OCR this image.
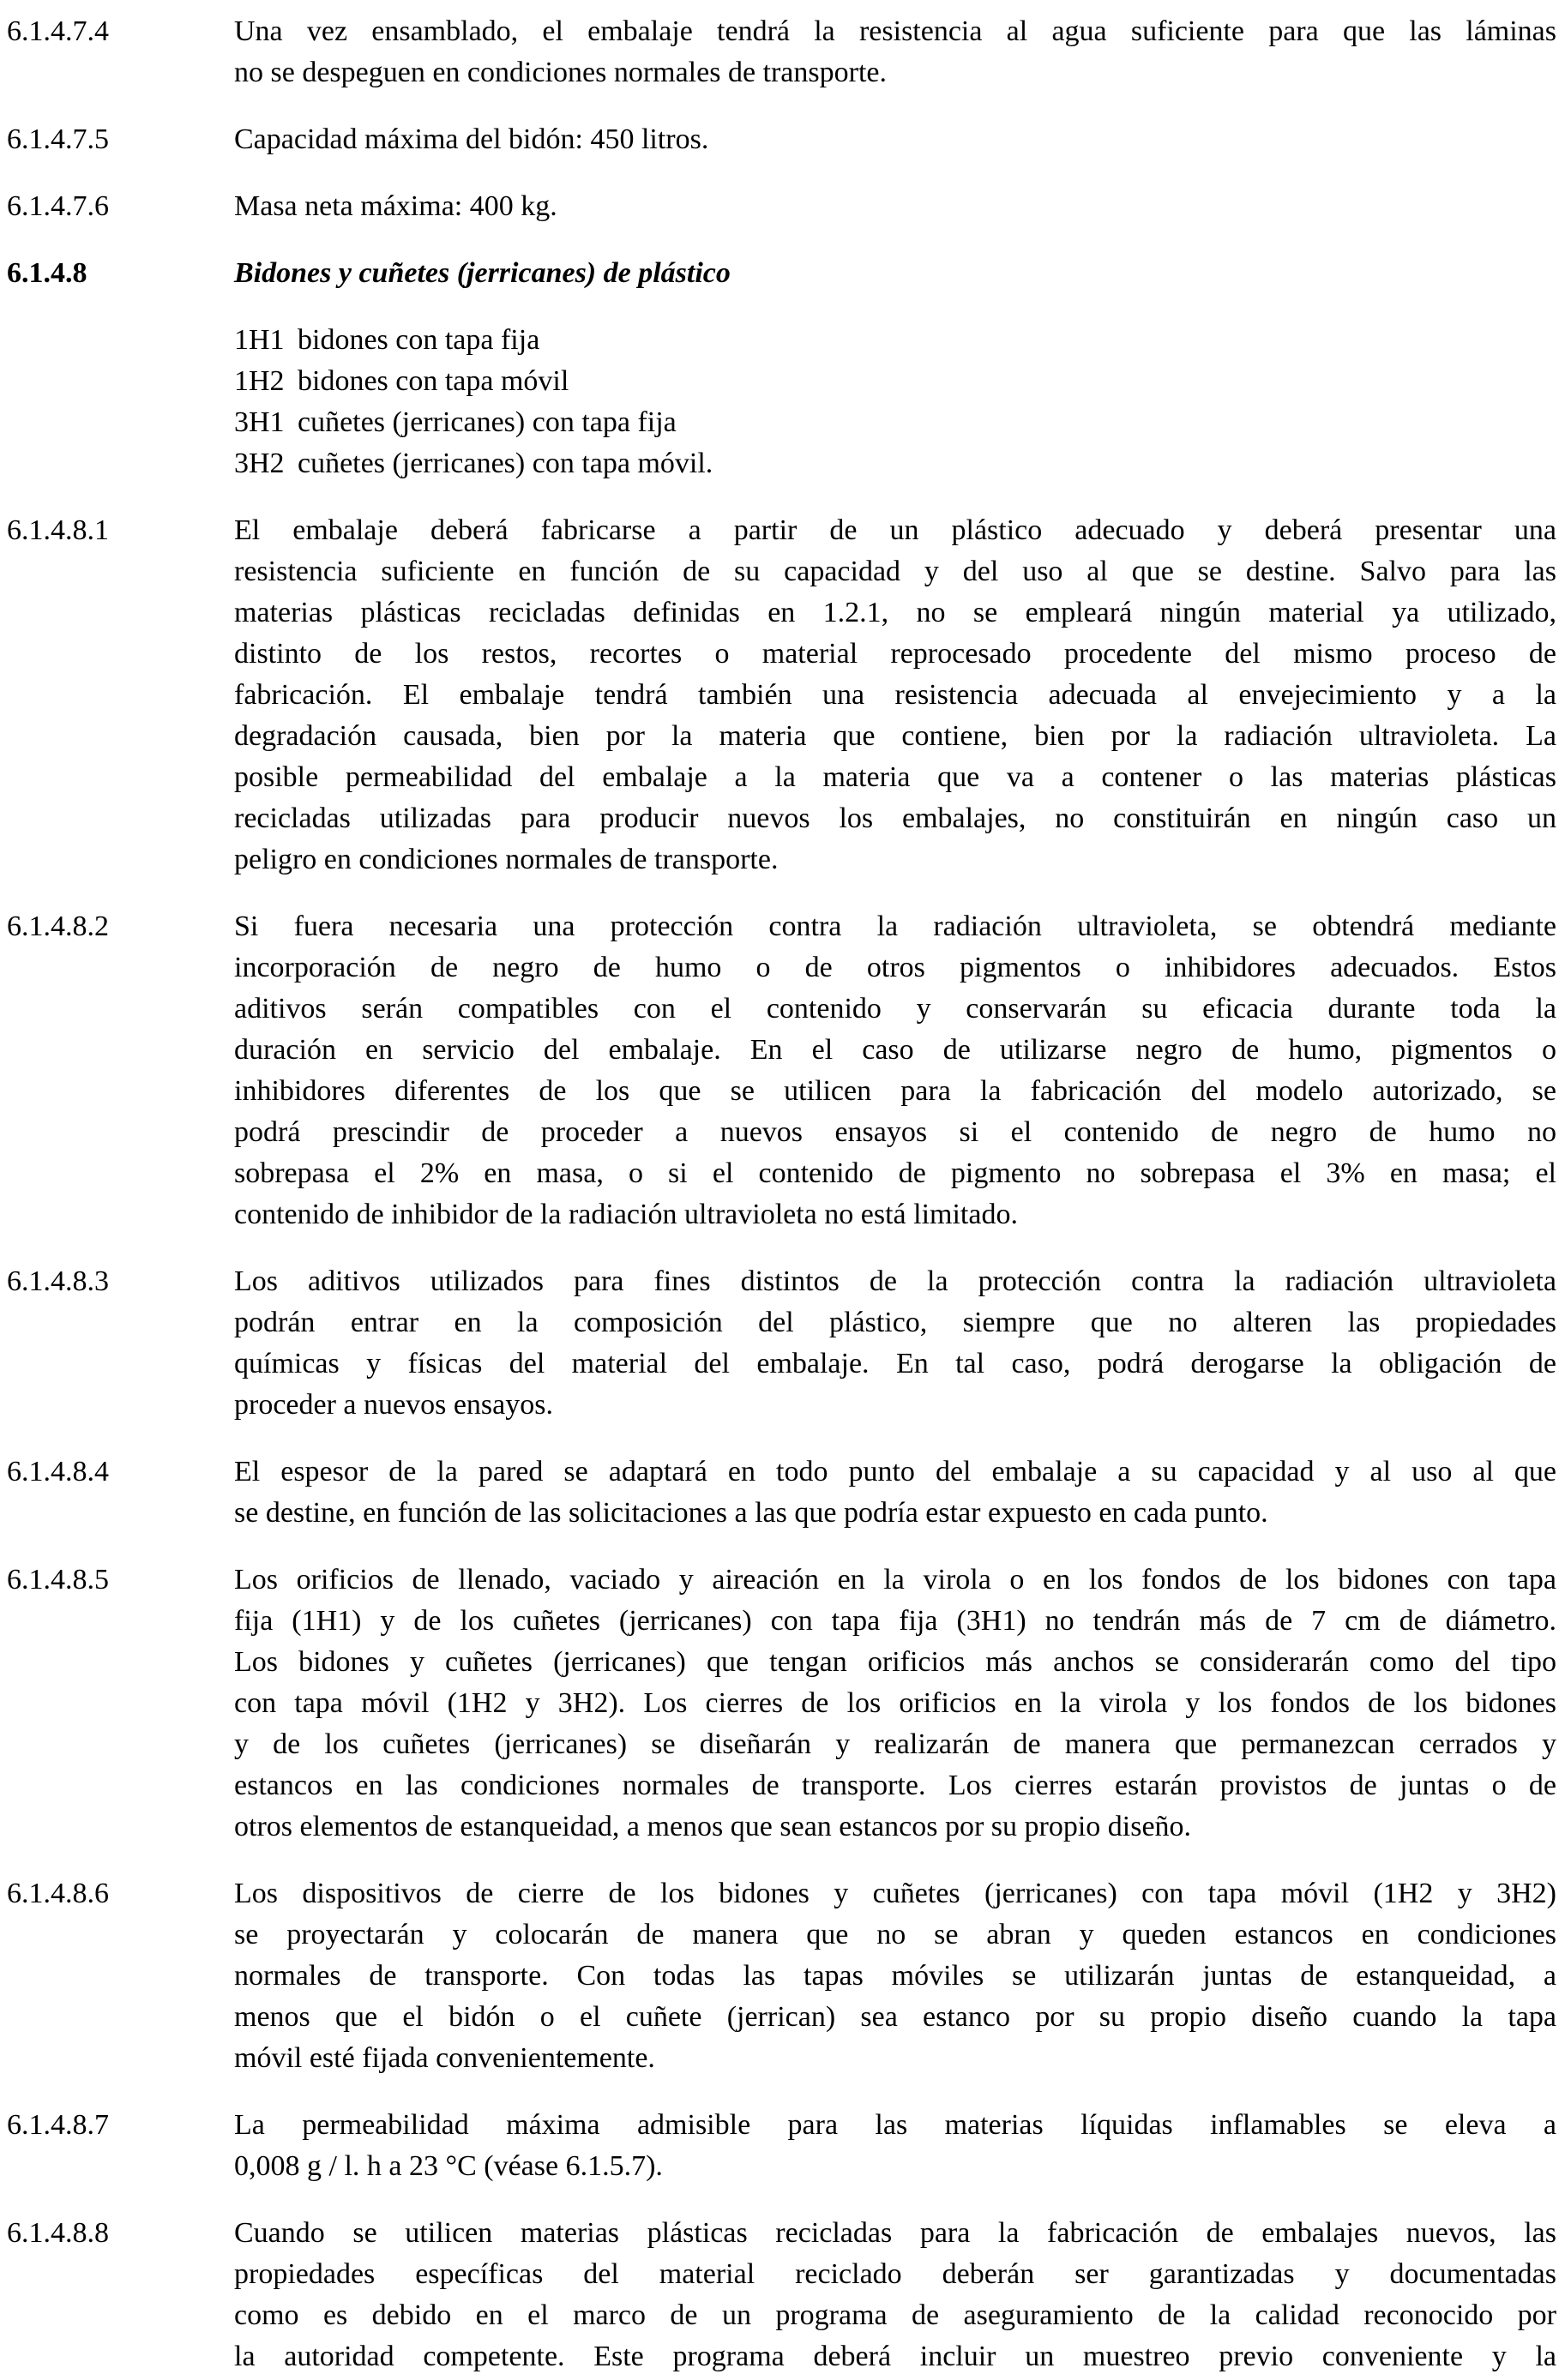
6.1.4.7.4	Una vez ensamblado, el embalaje tendrá la resistencia al agua suficiente para que las láminas
no se despeguen en condiciones normales de transporte.
6.1.4.7.5	Capacidad máxima del bidón: 450 litros.
6.1.4.7.6	Masa neta máxima: 400 kg.
6.1.4.8	Bidones y cuñetes (jerricanes) de plástico
1H1 bidones con tapa fija
1H2 bidones con tapa móvil
3H1 cuñetes (jerricanes) con tapa fija
3H2 cuñetes (jerricanes) con tapa móvil.
6.1.4.8.1	El embalaje deberá fabricarse a partir de un plástico adecuado y deberá presentar una
resistencia suficiente en función de su capacidad y del uso al que se destine. Salvo para las
materias plásticas recicladas definidas en 1.2.1, no se empleará ningún material ya utilizado,
distinto de los restos, recortes o material reprocesado procedente del mismo proceso de
fabricación. El embalaje tendrá también una resistencia adecuada al envejecimiento y a la
degradación causada, bien por la materia que contiene, bien por la radiación ultravioleta. La
posible permeabilidad del embalaje a la materia que va a contener o las materias plásticas
recicladas utilizadas para producir nuevos los embalajes, no constituirán en ningún caso un
peligro en condiciones normales de transporte.
6.1.4.8.2	Si fuera necesaria una protección contra la radiación ultravioleta, se obtendrá mediante
incorporación de negro de humo o de otros pigmentos o inhibidores adecuados. Estos
aditivos serán compatibles con el contenido y conservarán su eficacia durante toda la
duración en servicio del embalaje. En el caso de utilizarse negro de humo, pigmentos o
inhibidores diferentes de los que se utilicen para la fabricación del modelo autorizado, se
podrá prescindir de proceder a nuevos ensayos si el contenido de negro de humo no
sobrepasa el 2% en masa, o si el contenido de pigmento no sobrepasa el 3% en masa; el
contenido de inhibidor de la radiación ultravioleta no está limitado.
6.1.4.8.3	Los aditivos utilizados para fines distintos de la protección contra la radiación ultravioleta
podrán entrar en la composición del plástico, siempre que no alteren las propiedades
químicas y físicas del material del embalaje. En tal caso, podrá derogarse la obligación de
proceder a nuevos ensayos.
6.1.4.8.4	El espesor de la pared se adaptará en todo punto del embalaje a su capacidad y al uso al que
se destine, en función de las solicitaciones a las que podría estar expuesto en cada punto.
6.1.4.8.5	Los orificios de llenado, vaciado y aireación en la virola o en los fondos de los bidones con tapa
fija (1H1) y de los cuñetes (jerricanes) con tapa fija (3H1) no tendrán más de 7 cm de diámetro.
Los bidones y cuñetes (jerricanes) que tengan orificios más anchos se considerarán como del tipo
con tapa móvil (1H2 y 3H2). Los cierres de los orificios en la virola y los fondos de los bidones
y de los cuñetes (jerricanes) se diseñarán y realizarán de manera que permanezcan cerrados y
estancos en las condiciones normales de transporte. Los cierres estarán provistos de juntas o de
otros elementos de estanqueidad, a menos que sean estancos por su propio diseño.
6.1.4.8.6	Los dispositivos de cierre de los bidones y cuñetes (jerricanes) con tapa móvil (1H2 y 3H2)
se proyectarán y colocarán de manera que no se abran y queden estancos en condiciones
normales de transporte. Con todas las tapas móviles se utilizarán juntas de estanqueidad, a
menos que el bidón o el cuñete (jerrican) sea estanco por su propio diseño cuando la tapa
móvil esté fijada convenientemente.
6.1.4.8.7	La permeabilidad máxima admisible para las materias líquidas inflamables se eleva a
0,008 g / l. h a 23 °C (véase 6.1.5.7).
6.1.4.8.8	Cuando se utilicen materias plásticas recicladas para la fabricación de embalajes nuevos, las
propiedades específicas del material reciclado deberán ser garantizadas y documentadas
como es debido en el marco de un programa de aseguramiento de la calidad reconocido por
la autoridad competente. Este programa deberá incluir un muestreo previo conveniente y la
